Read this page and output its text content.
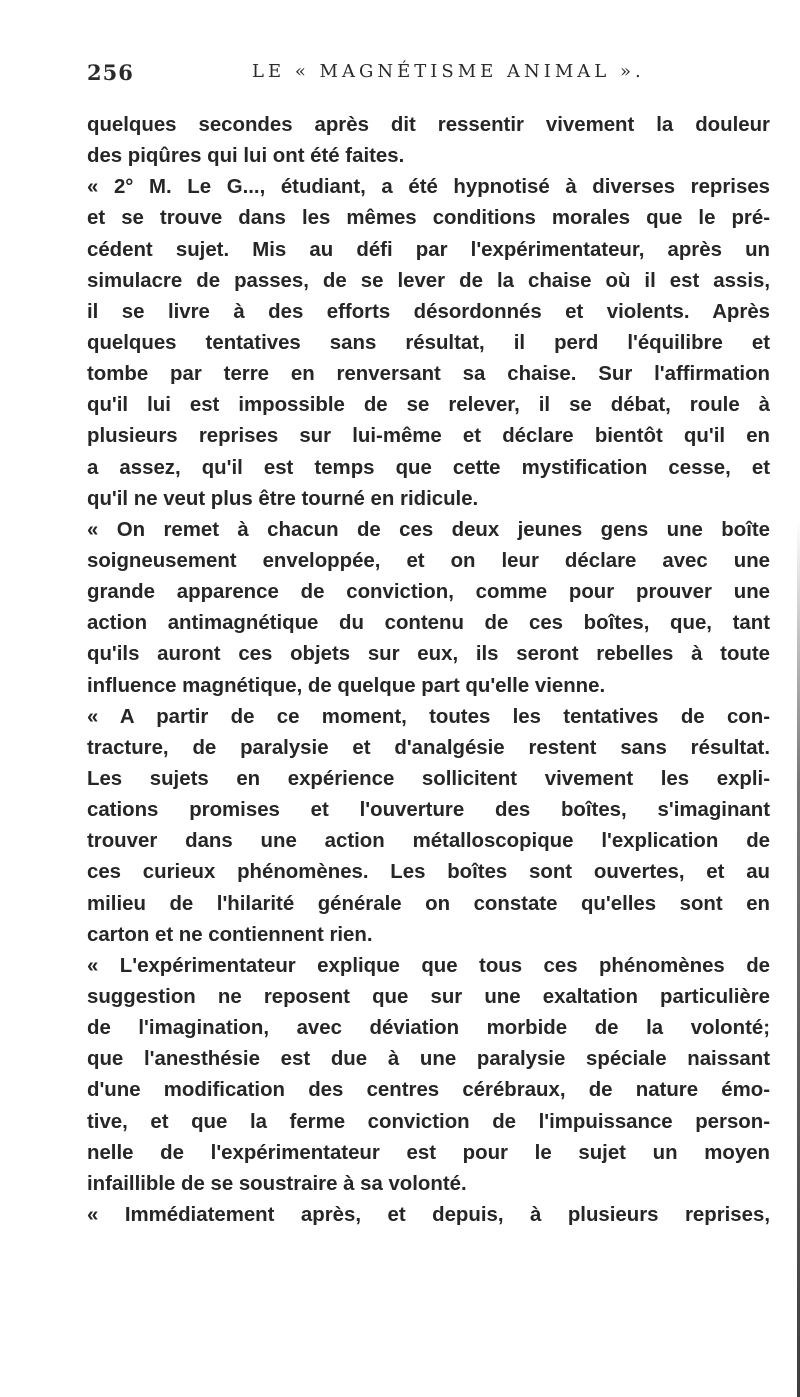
256	LE « MAGNÉTISME ANIMAL ».
quelques secondes après dit ressentir vivement la douleur
des piqûres qui lui ont été faites.
« 2° M. Le G..., étudiant, a été hypnotisé à diverses reprises
et se trouve dans les mêmes conditions morales que le pré-
cédent sujet. Mis au défi par l'expérimentateur, après un
simulacre de passes, de se lever de la chaise où il est assis,
il se livre à des efforts désordonnés et violents. Après
quelques tentatives sans résultat, il perd l'équilibre et
tombe par terre en renversant sa chaise. Sur l'affirmation
qu'il lui est impossible de se relever, il se débat, roule à
plusieurs reprises sur lui-même et déclare bientôt qu'il en
a assez, qu'il est temps que cette mystification cesse, et
qu'il ne veut plus être tourné en ridicule.
« On remet à chacun de ces deux jeunes gens une boîte
soigneusement enveloppée, et on leur déclare avec une
grande apparence de conviction, comme pour prouver une
action antimagnétique du contenu de ces boîtes, que, tant
qu'ils auront ces objets sur eux, ils seront rebelles à toute
influence magnétique, de quelque part qu'elle vienne.
« A partir de ce moment, toutes les tentatives de con-
tracture, de paralysie et d'analgésie restent sans résultat.
Les sujets en expérience sollicitent vivement les expli-
cations promises et l'ouverture des boîtes, s'imaginant
trouver dans une action métalloscopique l'explication de
ces curieux phénomènes. Les boîtes sont ouvertes, et au
milieu de l'hilarité générale on constate qu'elles sont en
carton et ne contiennent rien.
« L'expérimentateur explique que tous ces phénomènes de
suggestion ne reposent que sur une exaltation particulière
de l'imagination, avec déviation morbide de la volonté;
que l'anesthésie est due à une paralysie spéciale naissant
d'une modification des centres cérébraux, de nature émo-
tive, et que la ferme conviction de l'impuissance person-
nelle de l'expérimentateur est pour le sujet un moyen
infaillible de se soustraire à sa volonté.
« Immédiatement après, et depuis, à plusieurs reprises,
